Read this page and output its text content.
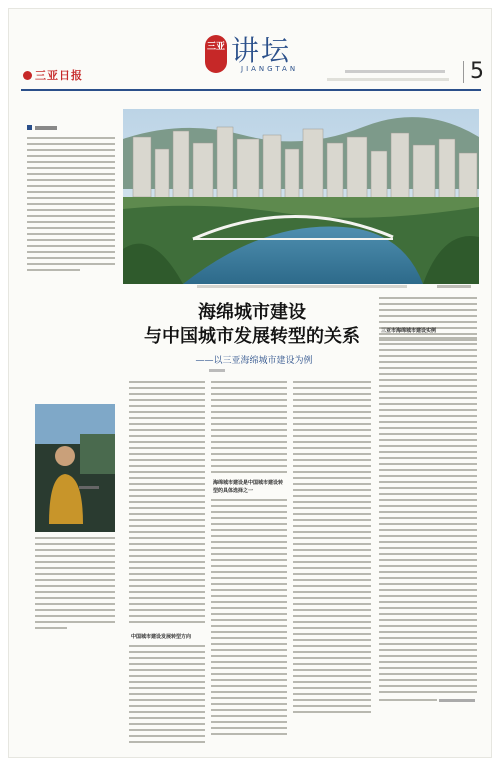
三亚日报
三亚 讲坛
JIANGTAN	5
三亚市海绵城市建设实例
海绵城市建设
与中国城市发展转型的关系
——以三亚海绵城市建设为例
中国城市建设发展转型方向
海绵城市建设是中国城市建设转型的具体选择之一
